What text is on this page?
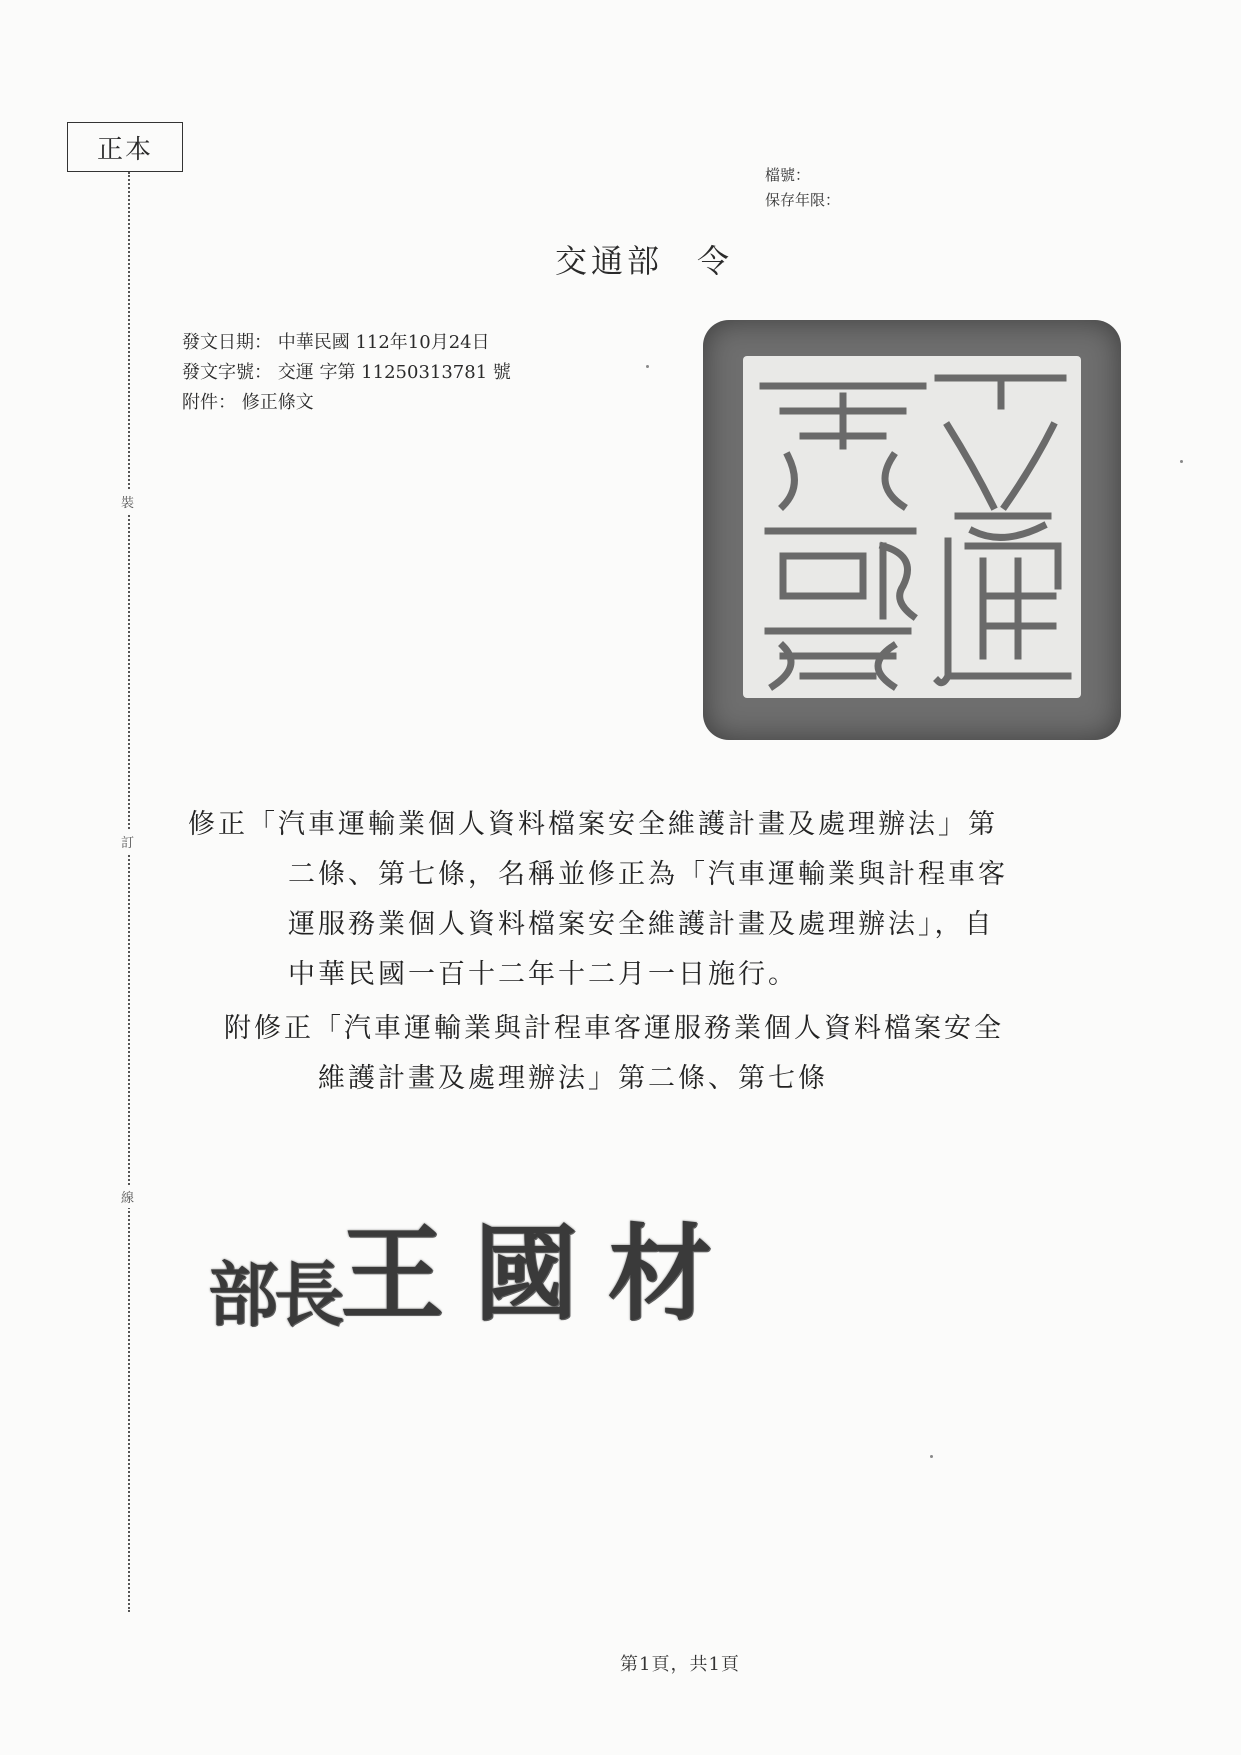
正本
裝
訂
線
檔號：
保存年限：
交通部 令
發文日期： 中華民國 112年10月24日
發文字號： 交運 字第 11250313781 號
附件： 修正條文
修正「汽車運輸業個人資料檔案安全維護計畫及處理辦法」第
二條、第七條，名稱並修正為「汽車運輸業與計程車客
運服務業個人資料檔案安全維護計畫及處理辦法」，自
中華民國一百十二年十二月一日施行。
附修正「汽車運輸業與計程車客運服務業個人資料檔案安全
維護計畫及處理辦法」第二條、第七條
部長王國材
第1頁，共1頁
